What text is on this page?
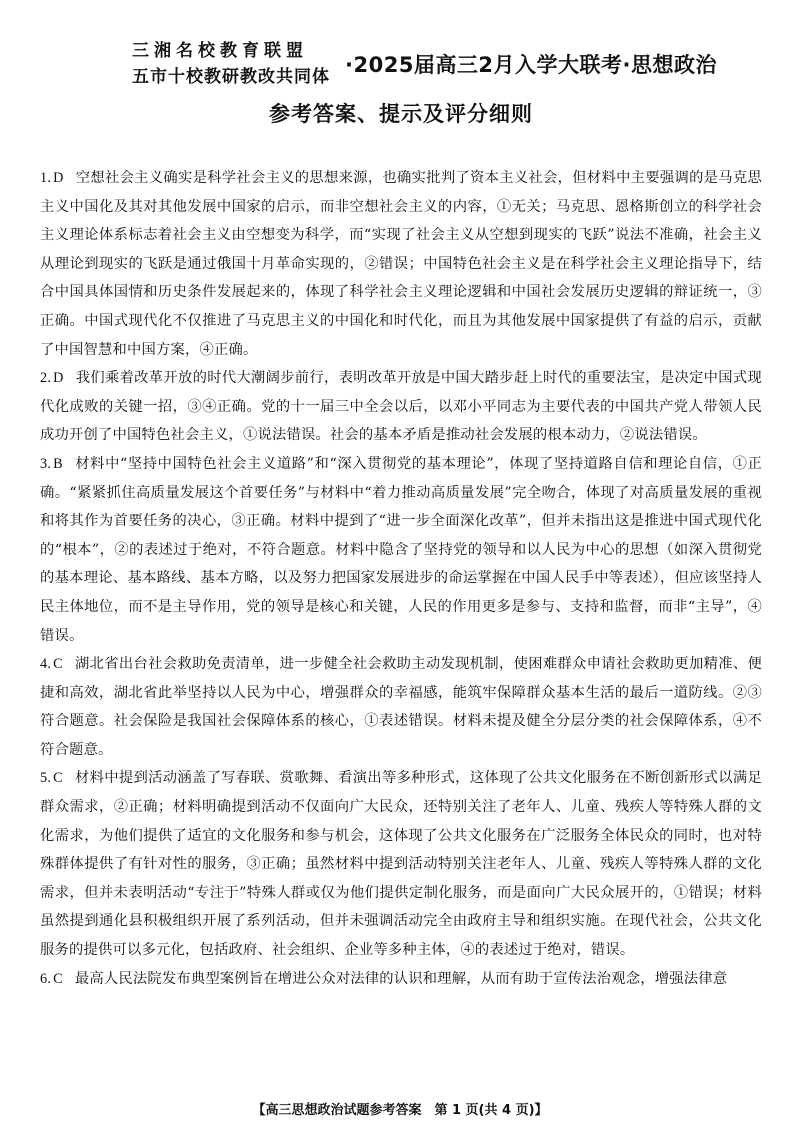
三湘名校教育联盟
五市十校教研教改共同体 ·2025届高三2月入学大联考·思想政治
参考答案、提示及评分细则

1. D 空想社会主义确实是科学社会主义的思想来源，也确实批判了资本主义社会，但材料中主要强调的是马克思主义中国化及其对其他发展中国家的启示，而非空想社会主义的内容，①无关；马克思、恩格斯创立的科学社会主义理论体系标志着社会主义由空想变为科学，而“实现了社会主义从空想到现实的飞跃”说法不准确，社会主义从理论到现实的飞跃是通过俄国十月革命实现的，②错误；中国特色社会主义是在科学社会主义理论指导下，结合中国具体国情和历史条件发展起来的，体现了科学社会主义理论逻辑和中国社会发展历史逻辑的辩证统一，③正确。中国式现代化不仅推进了马克思主义的中国化和时代化，而且为其他发展中国家提供了有益的启示，贡献了中国智慧和中国方案，④正确。

2. D 我们乘着改革开放的时代大潮阔步前行，表明改革开放是中国大踏步赶上时代的重要法宝，是决定中国式现代化成败的关键一招，③④正确。党的十一届三中全会以后，以邓小平同志为主要代表的中国共产党人带领人民成功开创了中国特色社会主义，①说法错误。社会的基本矛盾是推动社会发展的根本动力，②说法错误。

3. B 材料中“坚持中国特色社会主义道路”和“深入贯彻党的基本理论”，体现了坚持道路自信和理论自信，①正确。“紧紧抓住高质量发展这个首要任务”与材料中“着力推动高质量发展”完全吻合，体现了对高质量发展的重视和将其作为首要任务的决心，③正确。材料中提到了“进一步全面深化改革”，但并未指出这是推进中国式现代化的“根本”，②的表述过于绝对，不符合题意。材料中隐含了坚持党的领导和以人民为中心的思想（如深入贯彻党的基本理论、基本路线、基本方略，以及努力把国家发展进步的命运掌握在中国人民手中等表述），但应该坚持人民主体地位，而不是主导作用，党的领导是核心和关键，人民的作用更多是参与、支持和监督，而非“主导”，④错误。

4. C 湖北省出台社会救助免责清单，进一步健全社会救助主动发现机制，使困难群众申请社会救助更加精准、便捷和高效，湖北省此举坚持以人民为中心，增强群众的幸福感，能筑牢保障群众基本生活的最后一道防线。②③符合题意。社会保险是我国社会保障体系的核心，①表述错误。材料未提及健全分层分类的社会保障体系，④不符合题意。

5. C 材料中提到活动涵盖了写春联、赏歌舞、看演出等多种形式，这体现了公共文化服务在不断创新形式以满足群众需求，②正确；材料明确提到活动不仅面向广大民众，还特别关注了老年人、儿童、残疾人等特殊人群的文化需求，为他们提供了适宜的文化服务和参与机会，这体现了公共文化服务在广泛服务全体民众的同时，也对特殊群体提供了有针对性的服务，③正确；虽然材料中提到活动特别关注老年人、儿童、残疾人等特殊人群的文化需求，但并未表明活动“专注于”特殊人群或仅为他们提供定制化服务，而是面向广大民众展开的，①错误；材料虽然提到通化县积极组织开展了系列活动，但并未强调活动完全由政府主导和组织实施。在现代社会，公共文化服务的提供可以多元化，包括政府、社会组织、企业等多种主体，④的表述过于绝对，错误。

6. C 最高人民法院发布典型案例旨在增进公众对法律的认识和理解，从而有助于宣传法治观念，增强法律意

【高三思想政治试题参考答案　第 1 页(共 4 页)】
